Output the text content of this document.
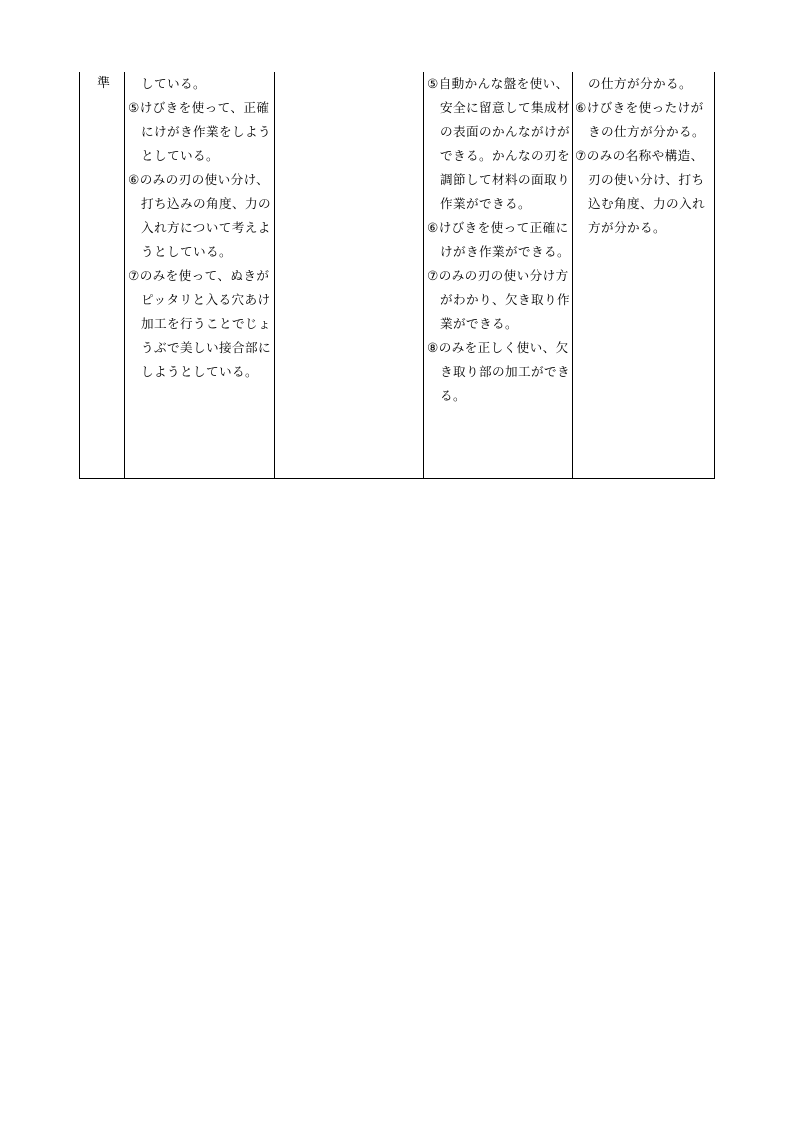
準	している。
⑤けびきを使って、正確にけがき作業をしようとしている。
⑥のみの刃の使い分け、打ち込みの角度、力の入れ方について考えようとしている。
⑦のみを使って、ぬきがピッタリと入る穴あけ加工を行うことでじょうぶで美しい接合部にしようとしている。
⑤自動かんな盤を使い、安全に留意して集成材の表面のかんながけができる。かんなの刃を調節して材料の面取り作業ができる。
⑥けびきを使って正確にけがき作業ができる。
⑦のみの刃の使い分け方がわかり、欠き取り作業ができる。
⑧のみを正しく使い、欠き取り部の加工ができる。
の仕方が分かる。
⑥けびきを使ったけがきの仕方が分かる。
⑦のみの名称や構造、刃の使い分け、打ち込む角度、力の入れ方が分かる。
